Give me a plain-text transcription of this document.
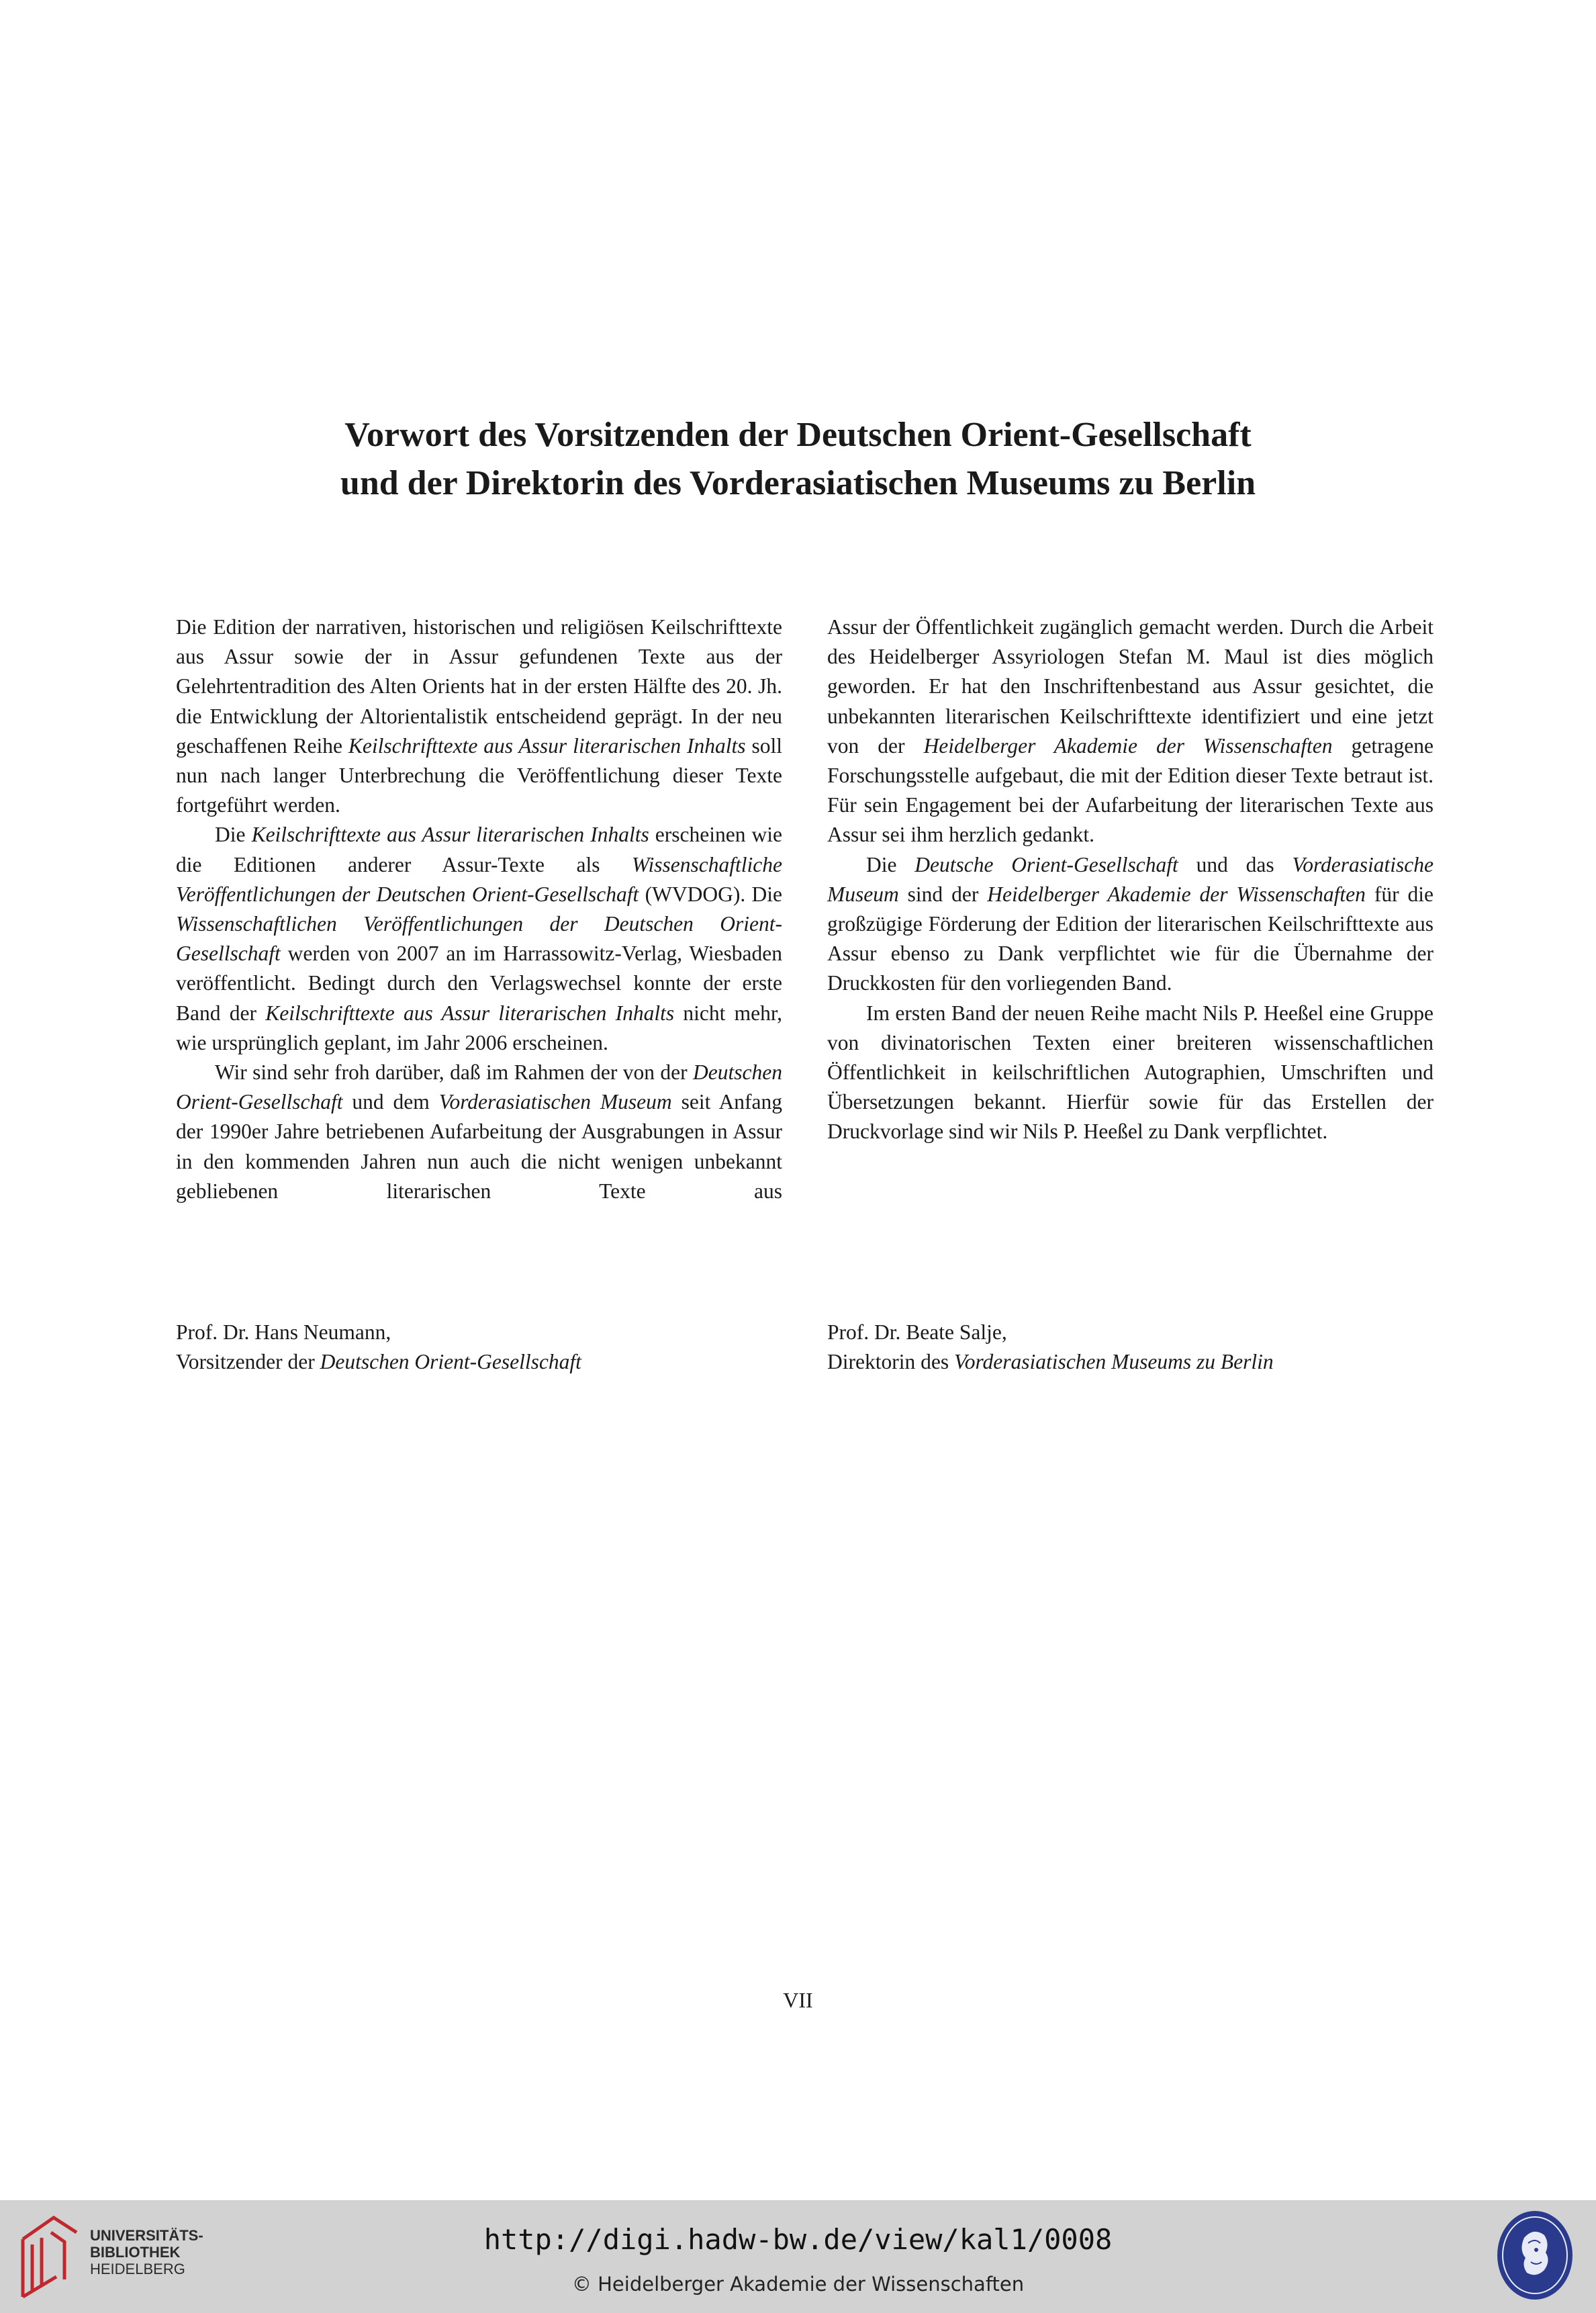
Vorwort des Vorsitzenden der Deutschen Orient-Gesellschaft
und der Direktorin des Vorderasiatischen Museums zu Berlin

Die Edition der narrativen, historischen und religiösen Keilschrifttexte aus Assur sowie der in Assur gefundenen Texte aus der Gelehrtentradition des Alten Orients hat in der ersten Hälfte des 20. Jh. die Entwicklung der Altorientalistik entscheidend geprägt. In der neu geschaffenen Reihe Keilschrifttexte aus Assur literarischen Inhalts soll nun nach langer Unterbrechung die Veröffentlichung dieser Texte fortgeführt werden.

Die Keilschrifttexte aus Assur literarischen Inhalts erscheinen wie die Editionen anderer Assur-Texte als Wissenschaftliche Veröffentlichungen der Deutschen Orient-Gesellschaft (WVDOG). Die Wissenschaftlichen Veröffentlichungen der Deutschen Orient-Gesellschaft werden von 2007 an im Harrassowitz-Verlag, Wiesbaden veröffentlicht. Bedingt durch den Verlagswechsel konnte der erste Band der Keilschrifttexte aus Assur literarischen Inhalts nicht mehr, wie ursprünglich geplant, im Jahr 2006 erscheinen.

Wir sind sehr froh darüber, daß im Rahmen der von der Deutschen Orient-Gesellschaft und dem Vorderasiatischen Museum seit Anfang der 1990er Jahre betriebenen Aufarbeitung der Ausgrabungen in Assur in den kommenden Jahren nun auch die nicht wenigen unbekannt gebliebenen literarischen Texte aus

Assur der Öffentlichkeit zugänglich gemacht werden. Durch die Arbeit des Heidelberger Assyriologen Stefan M. Maul ist dies möglich geworden. Er hat den Inschriftenbestand aus Assur gesichtet, die unbekannten literarischen Keilschrifttexte identifiziert und eine jetzt von der Heidelberger Akademie der Wissenschaften getragene Forschungsstelle aufgebaut, die mit der Edition dieser Texte betraut ist. Für sein Engagement bei der Aufarbeitung der literarischen Texte aus Assur sei ihm herzlich gedankt.

Die Deutsche Orient-Gesellschaft und das Vorderasiatische Museum sind der Heidelberger Akademie der Wissenschaften für die großzügige Förderung der Edition der literarischen Keilschrifttexte aus Assur ebenso zu Dank verpflichtet wie für die Übernahme der Druckkosten für den vorliegenden Band.

Im ersten Band der neuen Reihe macht Nils P. Heeßel eine Gruppe von divinatorischen Texten einer breiteren wissenschaftlichen Öffentlichkeit in keilschriftlichen Autographien, Umschriften und Übersetzungen bekannt. Hierfür sowie für das Erstellen der Druckvorlage sind wir Nils P. Heeßel zu Dank verpflichtet.

Prof. Dr. Hans Neumann,
Vorsitzender der Deutschen Orient-Gesellschaft
Prof. Dr. Beate Salje,
Direktorin des Vorderasiatischen Museums zu Berlin
VII
UNIVERSITÄTS-
BIBLIOTHEK
HEIDELBERG
http://digi.hadw-bw.de/view/kal1/0008
© Heidelberger Akademie der Wissenschaften
